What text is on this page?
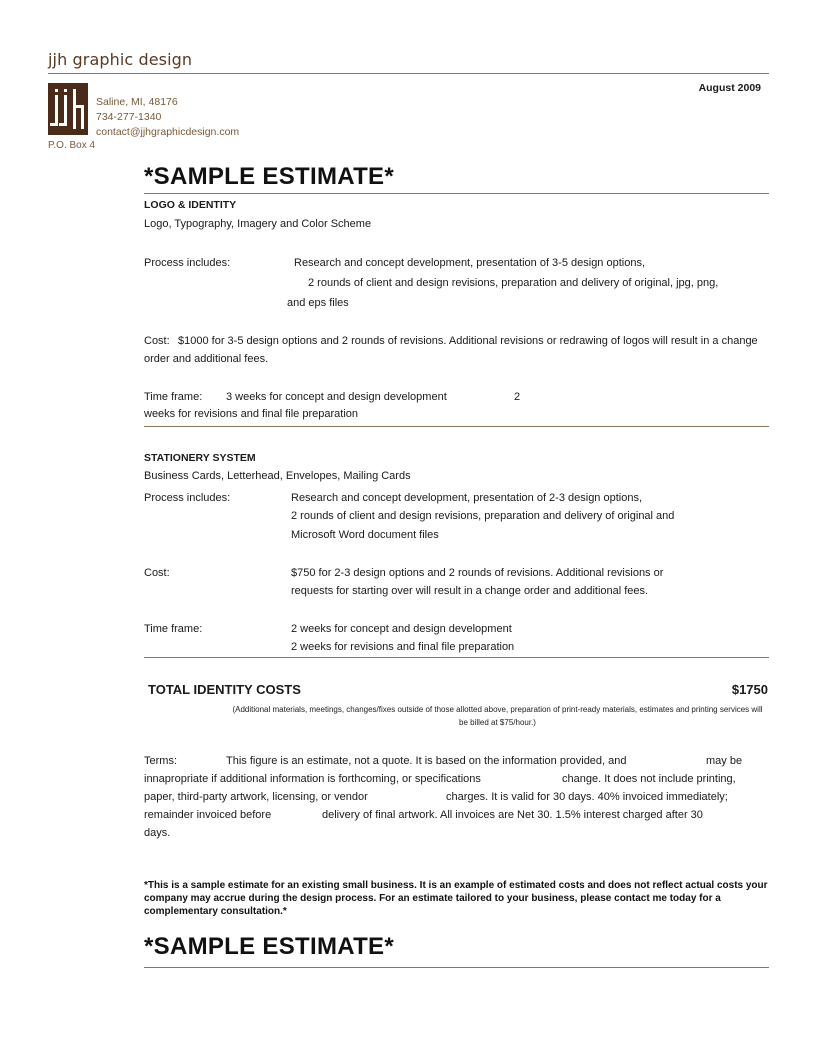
jjh graphic design
August 2009
Saline, MI, 48176
734-277-1340
contact@jjhgraphicdesign.com
P.O. Box 4
*SAMPLE ESTIMATE*
LOGO & IDENTITY
Logo, Typography, Imagery and Color Scheme
Process includes:	Research and concept development, presentation of 3-5 design options,
2 rounds of client and design revisions, preparation and delivery of original, jpg, png,
and eps files
Cost: $1000 for 3-5 design options and 2 rounds of revisions. Additional revisions or redrawing of logos will result in a change order and additional fees.
Time frame: 3 weeks for concept and design development	2
weeks for revisions and final file preparation
STATIONERY SYSTEM
Business Cards, Letterhead, Envelopes, Mailing Cards
Process includes:	Research and concept development, presentation of 2-3 design options,
2 rounds of client and design revisions, preparation and delivery of original and
Microsoft Word document files
Cost:	$750 for 2-3 design options and 2 rounds of revisions. Additional revisions or
requests for starting over will result in a change order and additional fees.
Time frame:	2 weeks for concept and design development
2 weeks for revisions and final file preparation
TOTAL IDENTITY COSTS	$1750
(Additional materials, meetings, changes/fixes outside of those allotted above, preparation of print-ready materials, estimates and printing services will be billed at $75/hour.)
Terms:	This figure is an estimate, not a quote. It is based on the information provided, and	may be
innapropriate if additional information is forthcoming, or specifications	change. It does not include printing,
paper, third-party artwork, licensing, or vendor	charges. It is valid for 30 days. 40% invoiced immediately;
remainder invoiced before	delivery of final artwork. All invoices are Net 30. 1.5% interest charged after 30
days.
*This is a sample estimate for an existing small business. It is an example of estimated costs and does not reflect actual costs your company may accrue during the design process. For an estimate tailored to your business, please contact me today for a complementary consultation.*
*SAMPLE ESTIMATE*
